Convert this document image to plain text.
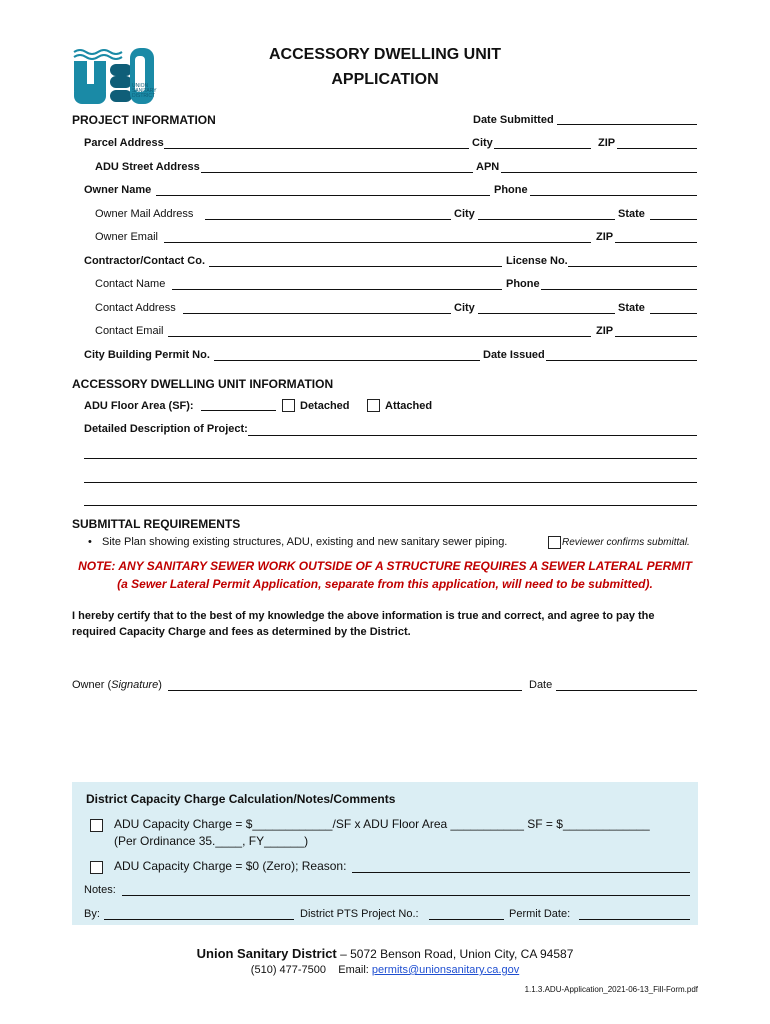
UNION
SANITARY
DISTRICT
ACCESSORY DWELLING UNIT
APPLICATION
PROJECT INFORMATION	Date Submitted
Parcel Address	City	ZIP
ADU Street Address	APN
Owner Name	Phone
Owner Mail Address	City	State
Owner Email	ZIP
Contractor/Contact Co.	License No.
Contact Name	Phone
Contact Address	City	State
Contact Email	ZIP
City Building Permit No.	Date Issued
ACCESSORY DWELLING UNIT INFORMATION
ADU Floor Area (SF):	Detached	Attached
Detailed Description of Project:
SUBMITTAL REQUIREMENTS
• Site Plan showing existing structures, ADU, existing and new sanitary sewer piping.	Reviewer confirms submittal.
NOTE: ANY SANITARY SEWER WORK OUTSIDE OF A STRUCTURE REQUIRES A SEWER LATERAL PERMIT
(a Sewer Lateral Permit Application, separate from this application, will need to be submitted).
I hereby certify that to the best of my knowledge the above information is true and correct, and agree to pay the
required Capacity Charge and fees as determined by the District.
Owner (Signature)	Date
District Capacity Charge Calculation/Notes/Comments
ADU Capacity Charge = $____________/SF x ADU Floor Area ___________ SF = $_____________
(Per Ordinance 35.____, FY______)
ADU Capacity Charge = $0 (Zero); Reason:
Notes:
By:	District PTS Project No.:	Permit Date:
Union Sanitary District – 5072 Benson Road, Union City, CA 94587
(510) 477-7500 Email: permits@unionsanitary.ca.gov
1.1.3.ADU-Application_2021-06-13_Fill-Form.pdf
